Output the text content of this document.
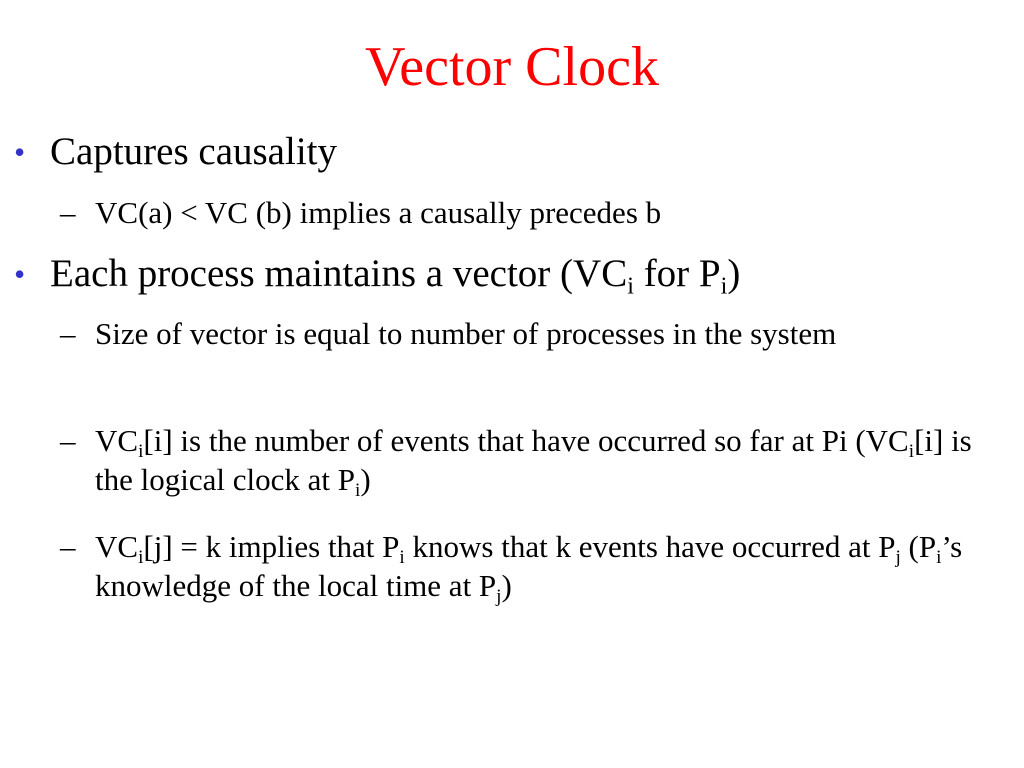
Vector Clock
• Captures causality
– VC(a) < VC (b) implies a causally precedes b
• Each process maintains a vector ($VC_i$ for $P_i$)
– Size of vector is equal to number of processes in the system
– $VC_i[i]$ is the number of events that have occurred so far at Pi ($VC_i[i]$ is the logical clock at $P_i$)
– $VC_i[j] = k$ implies that $P_i$ knows that k events have occurred at $P_j$ ($P_i’s$ knowledge of the local time at $P_j$)
